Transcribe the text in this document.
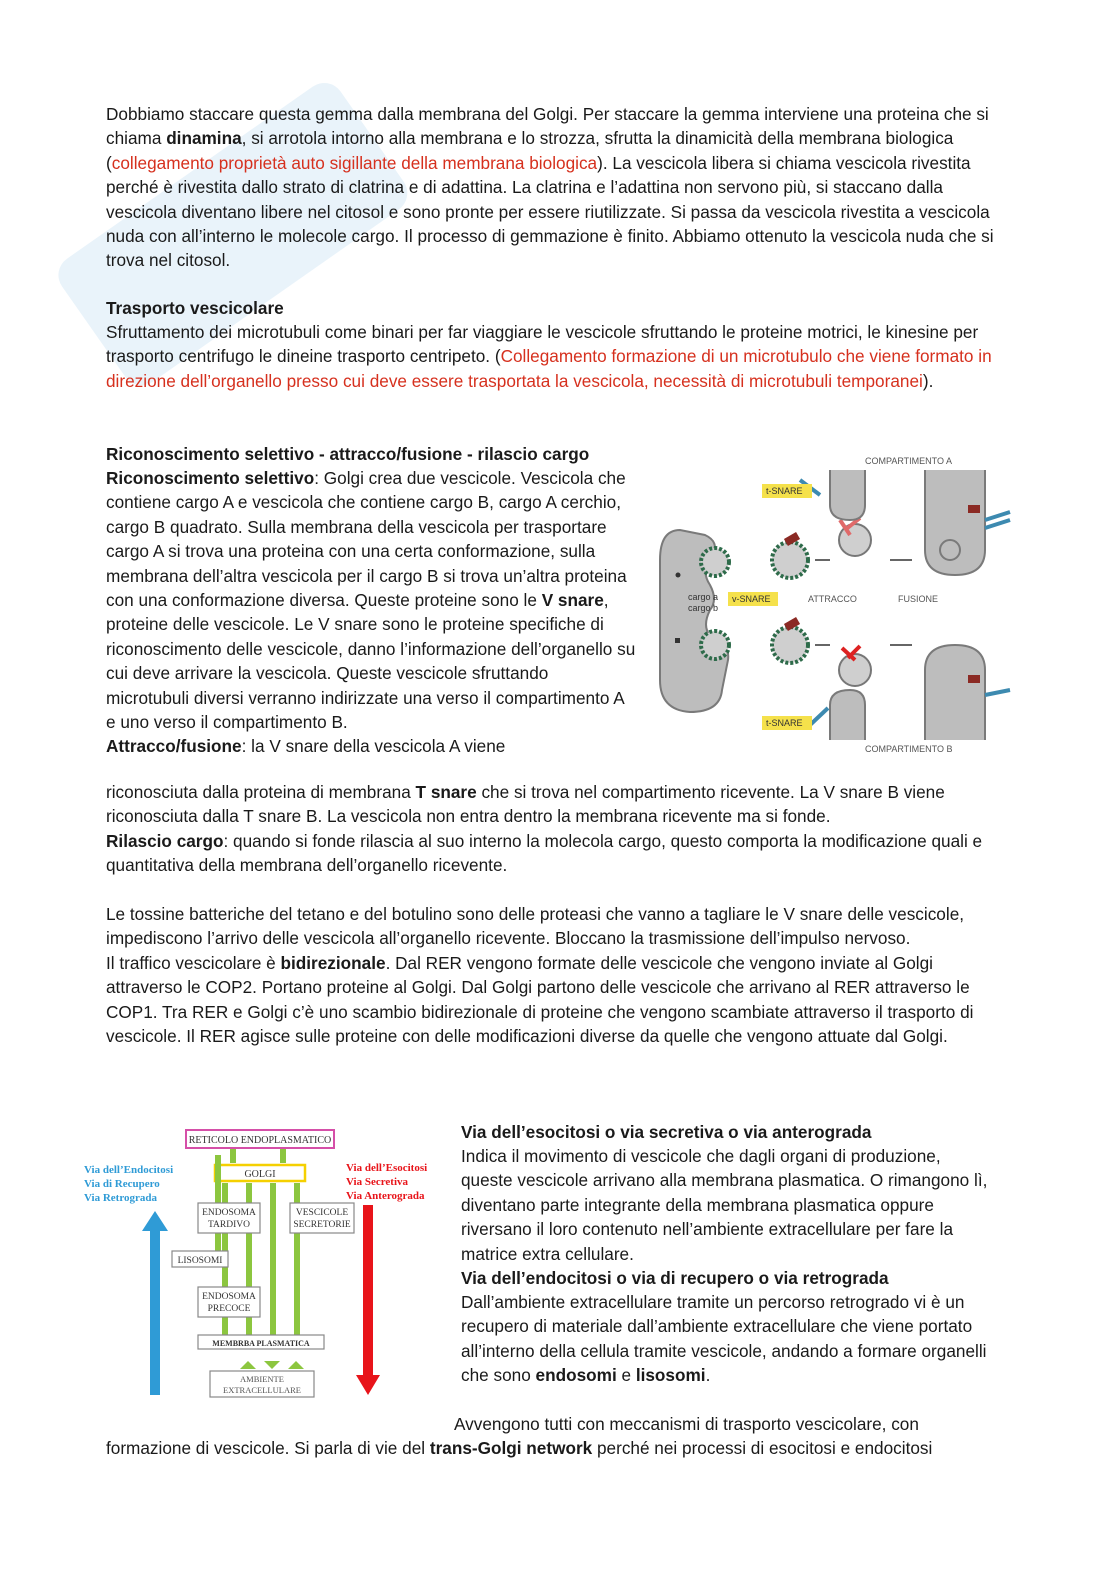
Dobbiamo staccare questa gemma dalla membrana del Golgi. Per staccare la gemma interviene una proteina che si chiama dinamina, si arrotola intorno alla membrana e lo strozza, sfrutta la dinamicità della membrana biologica (collegamento proprietà auto sigillante della membrana biologica). La vescicola libera si chiama vescicola rivestita perché è rivestita dallo strato di clatrina e di adattina. La clatrina e l’adattina non servono più, si staccano dalla vescicola diventano libere nel citosol e sono pronte per essere riutilizzate. Si passa da vescicola rivestita a vescicola nuda con all’interno le molecole cargo. Il processo di gemmazione è finito. Abbiamo ottenuto la vescicola nuda che si trova nel citosol.

Trasporto vescicolare

Sfruttamento dei microtubuli come binari per far viaggiare le vescicole sfruttando le proteine motrici, le kinesine per trasporto centrifugo le dineine trasporto centripeto. (Collegamento formazione di un microtubulo che viene formato in direzione dell’organello presso cui deve essere trasportata la vescicola, necessità di microtubuli temporanei).

Riconoscimento selettivo - attracco/fusione - rilascio cargo

Riconoscimento selettivo: Golgi crea due vescicole. Vescicola che contiene cargo A e vescicola che contiene cargo B, cargo A cerchio, cargo B quadrato. Sulla membrana della vescicola per trasportare cargo A si trova una proteina con una certa conformazione, sulla membrana dell’altra vescicola per il cargo B si trova un’altra proteina con una conformazione diversa. Queste proteine sono le V snare, proteine delle vescicole. Le V snare sono le proteine specifiche di riconoscimento delle vescicole, danno l’informazione dell’organello su cui deve arrivare la vescicola. Queste vescicole sfruttando microtubuli diversi verranno indirizzate una verso il compartimento A e uno verso il compartimento B.
Attracco/fusione: la V snare della vescicola A viene

riconosciuta dalla proteina di membrana T snare che si trova nel compartimento ricevente. La V snare B viene riconosciuta dalla T snare B. La vescicola non entra dentro la membrana ricevente ma si fonde.
Rilascio cargo: quando si fonde rilascia al suo interno la molecola cargo, questo comporta la modificazione quali e quantitativa della membrana dell’organello ricevente.

cargo a cargo b
COMPARTIMENTO A
COMPARTIMENTO B
t-SNARE
t-SNARE
v-SNARE	ATTRACCO	FUSIONE

Le tossine batteriche del tetano e del botulino sono delle proteasi che vanno a tagliare le V snare delle vescicole, impediscono l’arrivo delle vescicola all’organello ricevente. Bloccano la trasmissione dell’impulso nervoso.
Il traffico vescicolare è bidirezionale. Dal RER vengono formate delle vescicole che vengono inviate al Golgi attraverso le COP2. Portano proteine al Golgi. Dal Golgi partono delle vescicole che arrivano al RER attraverso le COP1. Tra RER e Golgi c’è uno scambio bidirezionale di proteine che vengono scambiate attraverso il trasporto di vescicole. Il RER agisce sulle proteine con delle modificazioni diverse da quelle che vengono attuate dal Golgi.

Via dell’Endocitosi
Via di Recupero
Via Retrograda
Via dell’Esocitosi
Via Secretiva
Via Anterograda
RETICOLO ENDOPLASMATICO
GOLGI
ENDOSOMA
TARDIVO
VESCICOLE
SECRETORIE
LISOSOMI
ENDOSOMA
PRECOCE
MEMBRBA PLASMATICA
AMBIENTE
EXTRACELLULARE

Via dell’esocitosi o via secretiva o via anterograda

Indica il movimento di vescicole che dagli organi di produzione, queste vescicole arrivano alla membrana plasmatica. O rimangono lì, diventano parte integrante della membrana plasmatica oppure riversano il loro contenuto nell’ambiente extracellulare per fare la matrice extra cellulare.

Via dell’endocitosi o via di recupero o via retrograda

Dall’ambiente extracellulare tramite un percorso retrogrado vi è un recupero di materiale dall’ambiente extracellulare che viene portato all’interno della cellula tramite vescicole, andando a formare organelli che sono endosomi e lisosomi.

Avvengono tutti con meccanismi di trasporto vescicolare, con

formazione di vescicole. Si parla di vie del trans-Golgi network perché nei processi di esocitosi e endocitosi
